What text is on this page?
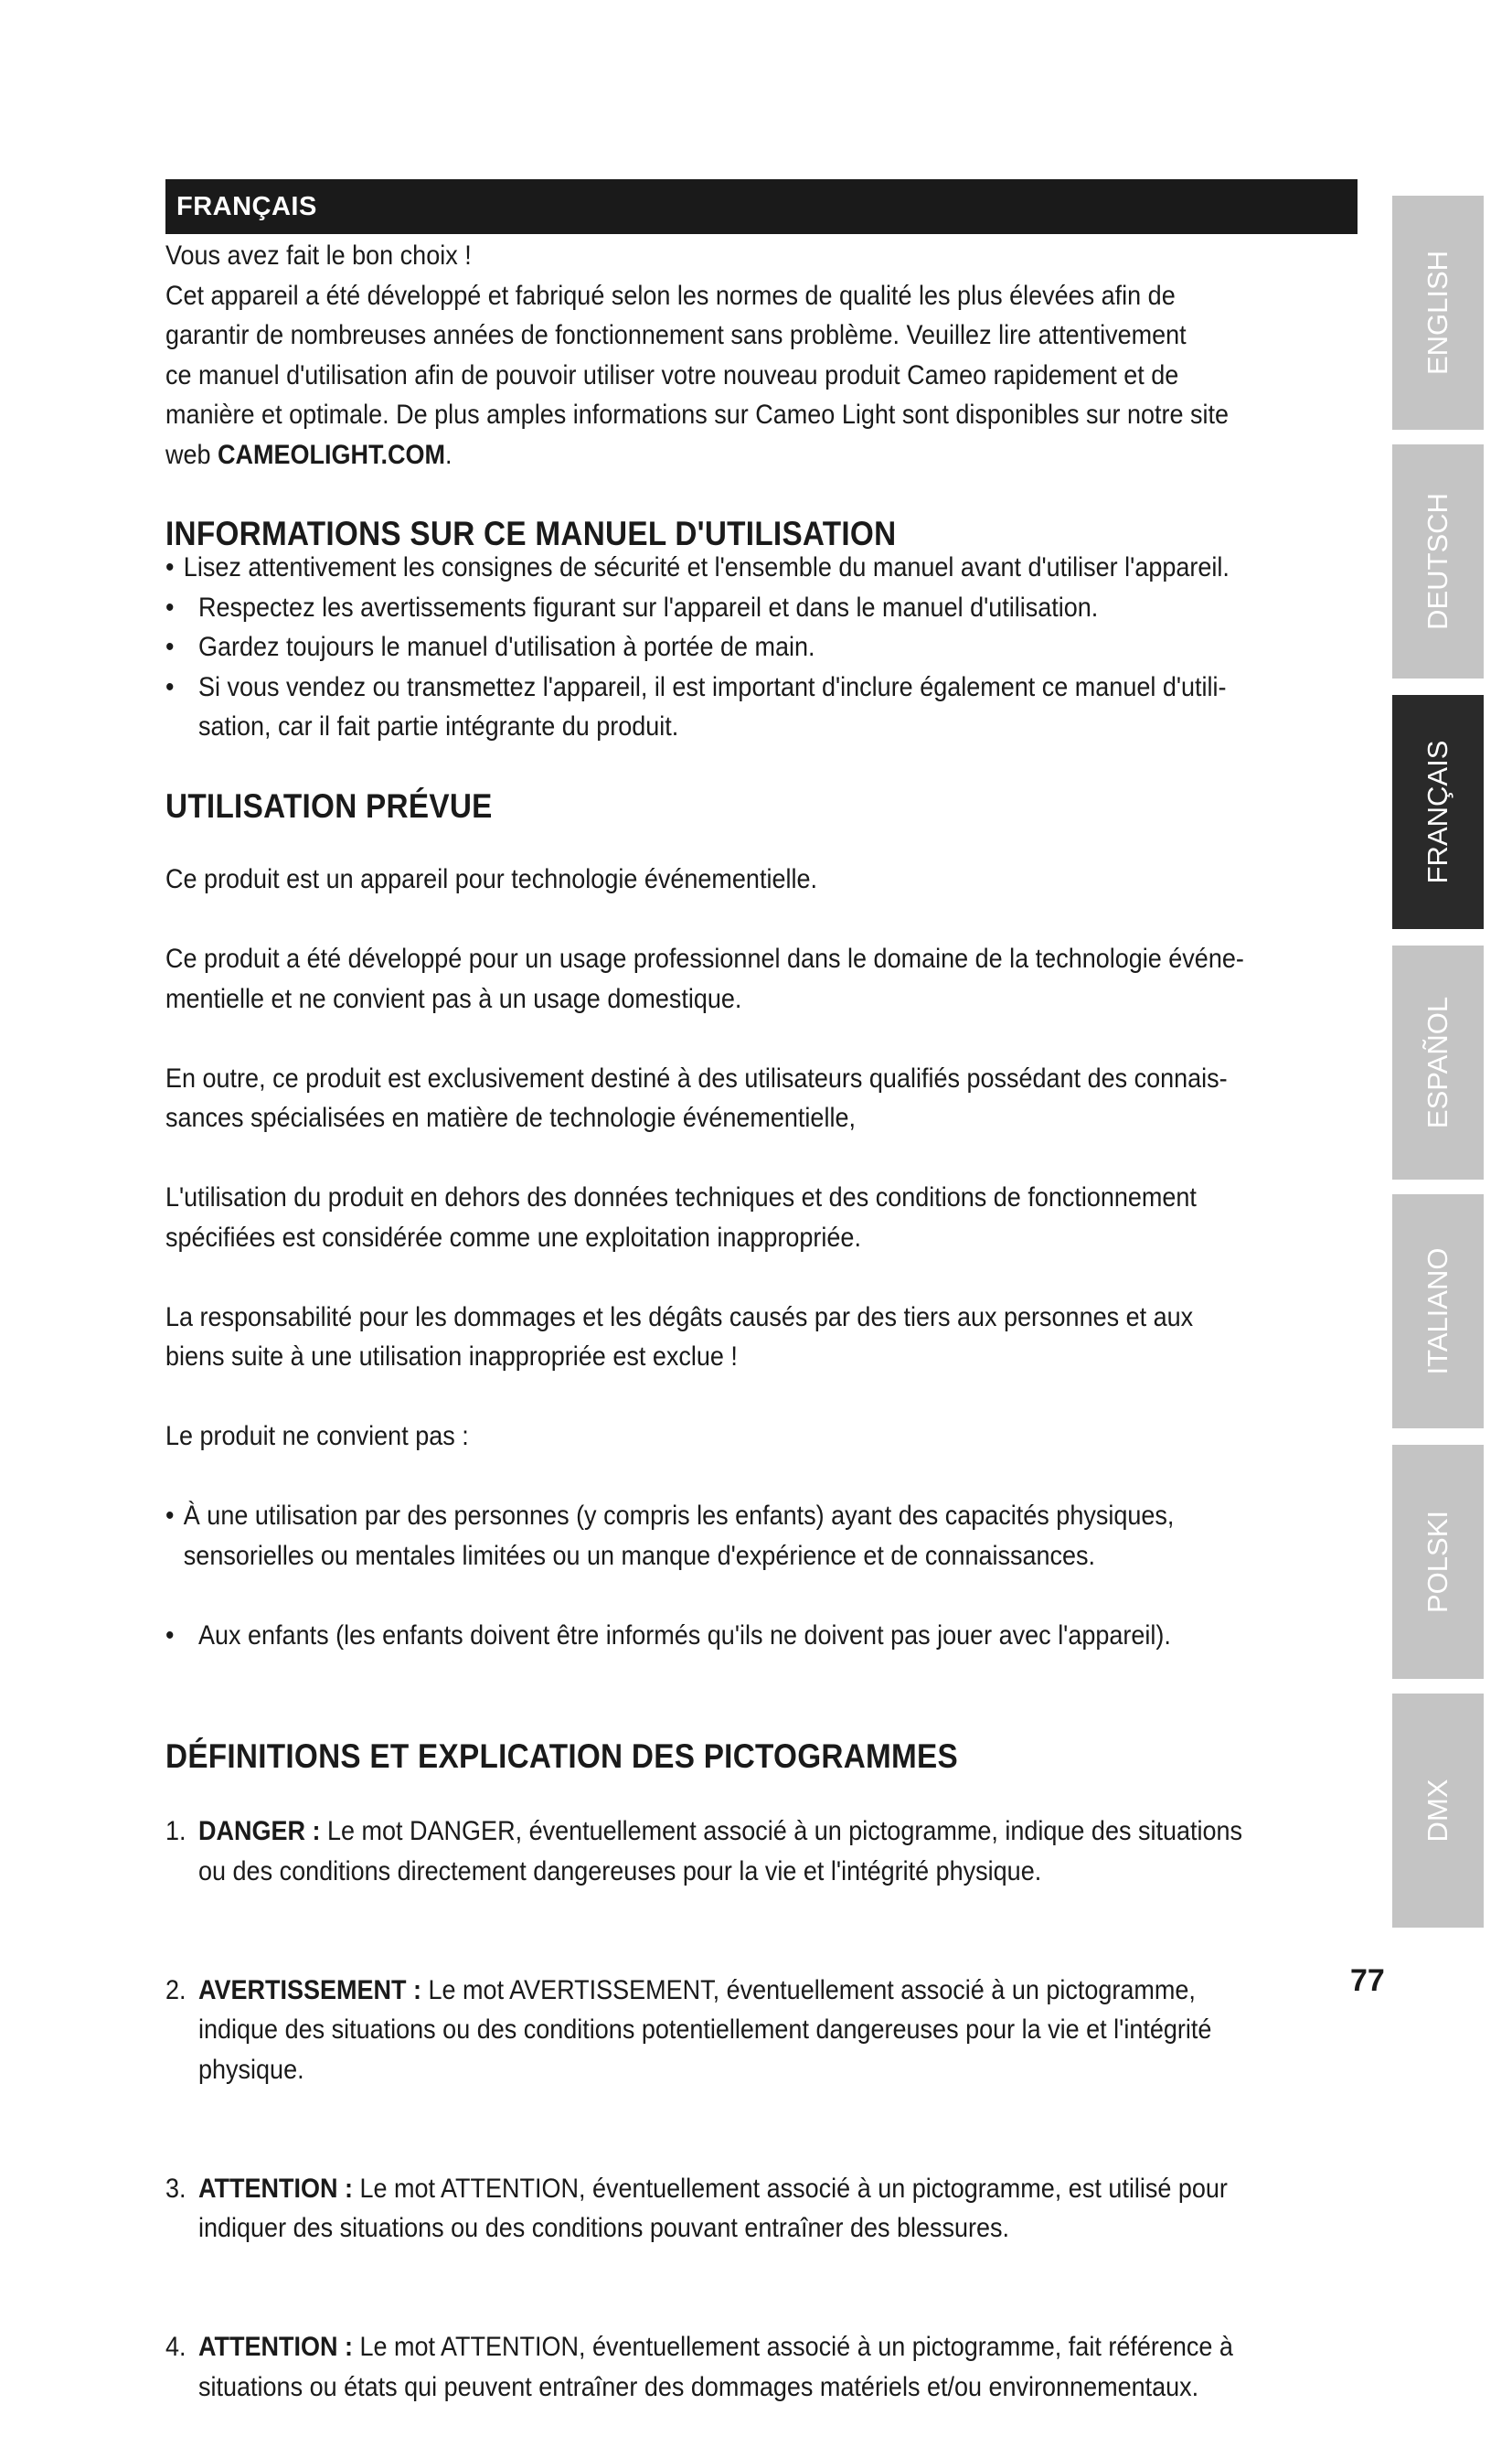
FRANÇAIS

Vous avez fait le bon choix !

Cet appareil a été développé et fabriqué selon les normes de qualité les plus élevées afin de

garantir de nombreuses années de fonctionnement sans problème. Veuillez lire attentivement

ce manuel d'utilisation afin de pouvoir utiliser votre nouveau produit Cameo rapidement et de

manière et optimale. De plus amples informations sur Cameo Light sont disponibles sur notre site

web CAMEOLIGHT.COM.

INFORMATIONS SUR CE MANUEL D'UTILISATION
• Lisez attentivement les consignes de sécurité et l'ensemble du manuel avant d'utiliser l'appareil.
• Respectez les avertissements figurant sur l'appareil et dans le manuel d'utilisation.
• Gardez toujours le manuel d'utilisation à portée de main.
• Si vous vendez ou transmettez l'appareil, il est important d'inclure également ce manuel d'utili-
sation, car il fait partie intégrante du produit.
UTILISATION PRÉVUE

Ce produit est un appareil pour technologie événementielle.

Ce produit a été développé pour un usage professionnel dans le domaine de la technologie événe-
mentielle et ne convient pas à un usage domestique.

En outre, ce produit est exclusivement destiné à des utilisateurs qualifiés possédant des connais-
sances spécialisées en matière de technologie événementielle,

L'utilisation du produit en dehors des données techniques et des conditions de fonctionnement
spécifiées est considérée comme une exploitation inappropriée.

La responsabilité pour les dommages et les dégâts causés par des tiers aux personnes et aux
biens suite à une utilisation inappropriée est exclue !

Le produit ne convient pas :

• À une utilisation par des personnes (y compris les enfants) ayant des capacités physiques,
sensorielles ou mentales limitées ou un manque d'expérience et de connaissances.

• Aux enfants (les enfants doivent être informés qu'ils ne doivent pas jouer avec l'appareil).

DÉFINITIONS ET EXPLICATION DES PICTOGRAMMES

1. DANGER : Le mot DANGER, éventuellement associé à un pictogramme, indique des situations
ou des conditions directement dangereuses pour la vie et l'intégrité physique.

2. AVERTISSEMENT : Le mot AVERTISSEMENT, éventuellement associé à un pictogramme,
indique des situations ou des conditions potentiellement dangereuses pour la vie et l'intégrité
physique.

3. ATTENTION : Le mot ATTENTION, éventuellement associé à un pictogramme, est utilisé pour
indiquer des situations ou des conditions pouvant entraîner des blessures.

4. ATTENTION : Le mot ATTENTION, éventuellement associé à un pictogramme, fait référence à
situations ou états qui peuvent entraîner des dommages matériels et/ou environnementaux.

ENGLISH
DEUTSCH
FRANÇAIS
ESPAÑOL
ITALIANO
POLSKI
DMX
77
